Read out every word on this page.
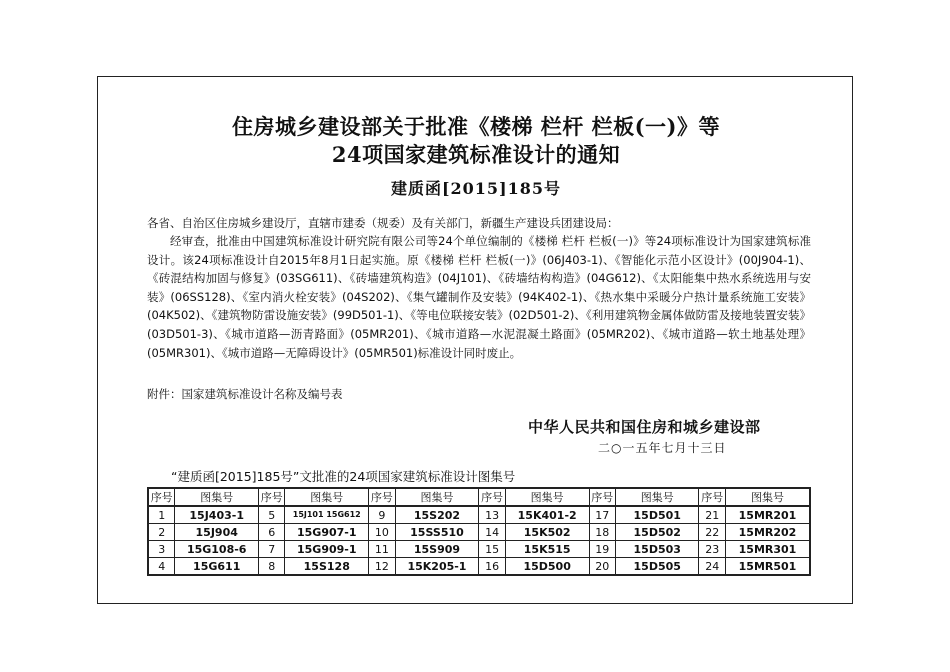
住房城乡建设部关于批准《楼梯 栏杆 栏板(一)》等
24项国家建筑标准设计的通知
建质函[2015]185号
各省、自治区住房城乡建设厅，直辖市建委（规委）及有关部门，新疆生产建设兵团建设局：
经审查，批准由中国建筑标准设计研究院有限公司等24个单位编制的《楼梯 栏杆 栏板(一)》等24项标准设计为国家建筑标准设计。该24项标准设计自2015年8月1日起实施。原《楼梯 栏杆 栏板(一)》(06J403-1)、《智能化示范小区设计》(00J904-1)、《砖混结构加固与修复》(03SG611)、《砖墙建筑构造》(04J101)、《砖墙结构构造》(04G612)、《太阳能集中热水系统选用与安装》(06SS128)、《室内消火栓安装》(04S202)、《集气罐制作及安装》(94K402-1)、《热水集中采暖分户热计量系统施工安装》(04K502)、《建筑物防雷设施安装》(99D501-1)、《等电位联接安装》(02D501-2)、《利用建筑物金属体做防雷及接地装置安装》(03D501-3)、《城市道路—沥青路面》(05MR201)、《城市道路—水泥混凝土路面》(05MR202)、《城市道路—软土地基处理》(05MR301)、《城市道路—无障碍设计》(05MR501)标准设计同时废止。
附件：国家建筑标准设计名称及编号表
中华人民共和国住房和城乡建设部
二○一五年七月十三日
“建质函[2015]185号”文批准的24项国家建筑标准设计图集号
序号	图集号	序号	图集号	序号	图集号	序号	图集号	序号	图集号	序号	图集号
1	15J403-1	5	15J101 15G612	9	15S202	13	15K401-2	17	15D501	21	15MR201
2	15J904	6	15G907-1	10	15SS510	14	15K502	18	15D502	22	15MR202
3	15G108-6	7	15G909-1	11	15S909	15	15K515	19	15D503	23	15MR301
4	15G611	8	15S128	12	15K205-1	16	15D500	20	15D505	24	15MR501
